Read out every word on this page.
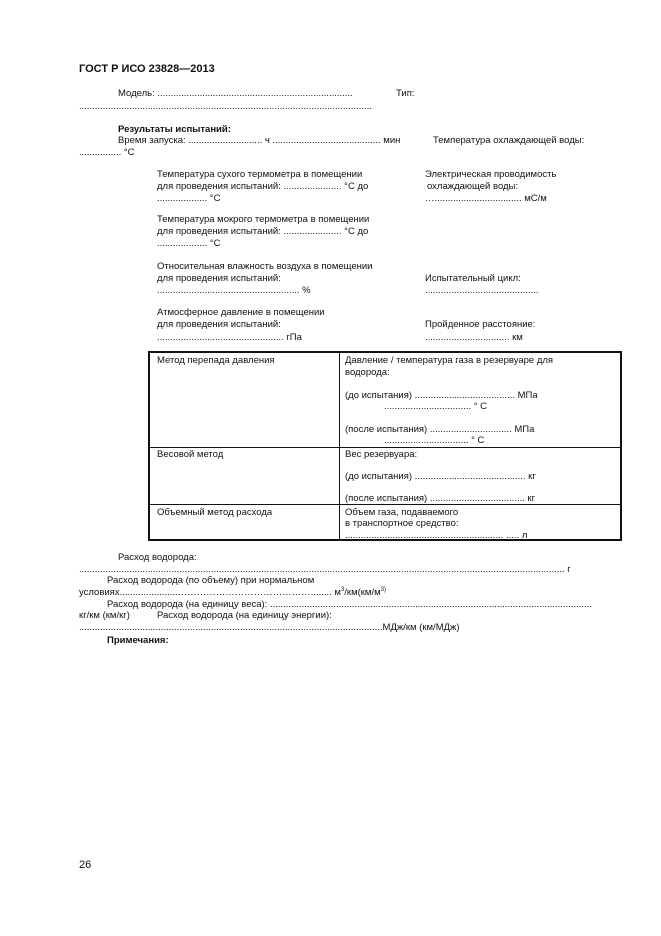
ГОСТ Р ИСО 23828—2013
Модель: ..........................................................................	Тип:
...............................................................................................................
Результаты испытаний:
Время запуска: ............................ ч ......................................... мин	Температура охлаждающей воды:
................ °С
Температура сухого термометра в помещении
для проведения испытаний: ...................... °С до
................... °С
Электрическая проводимость
охлаждающей воды:
…................................. мС/м
Температура мокрого термометра в помещении
для проведения испытаний: ...................... °С до
................... °С
Относительная влажность воздуха в помещении
для проведения испытаний:
...................................................... %
Испытательный цикл:
...........................................
Атмосферное давление в помещении
для проведения испытаний:
................................................ гПа
Пройденное расстояние:
................................ км
Метод перепада давления	Давление / температура газа в резервуаре для
водорода:
(до испытания) ...................................... МПа
................................. ° С
(после испытания) ............................... МПа
................................ ° С
Весовой метод	Вес резервуара:
(до испытания) .......................................... кг
(после испытания) .................................... кг
Объемный метод расхода	Объем газа, подаваемого
в транспортное средство:
............................................................ ..... л
Расход водорода:
........................................................................................................................................................................................ г
Расход водорода (по объему) при нормальном
условиях......................……………………………………........ $м^3/км(км/м^{3)}$
Расход водорода (на единицу веса): ..........................................................................................................................
кг/км (км/кг)	Расход водорода (на единицу энергии):
...................................................................................................................МДж/км (км/МДж)
Примечания:
26
